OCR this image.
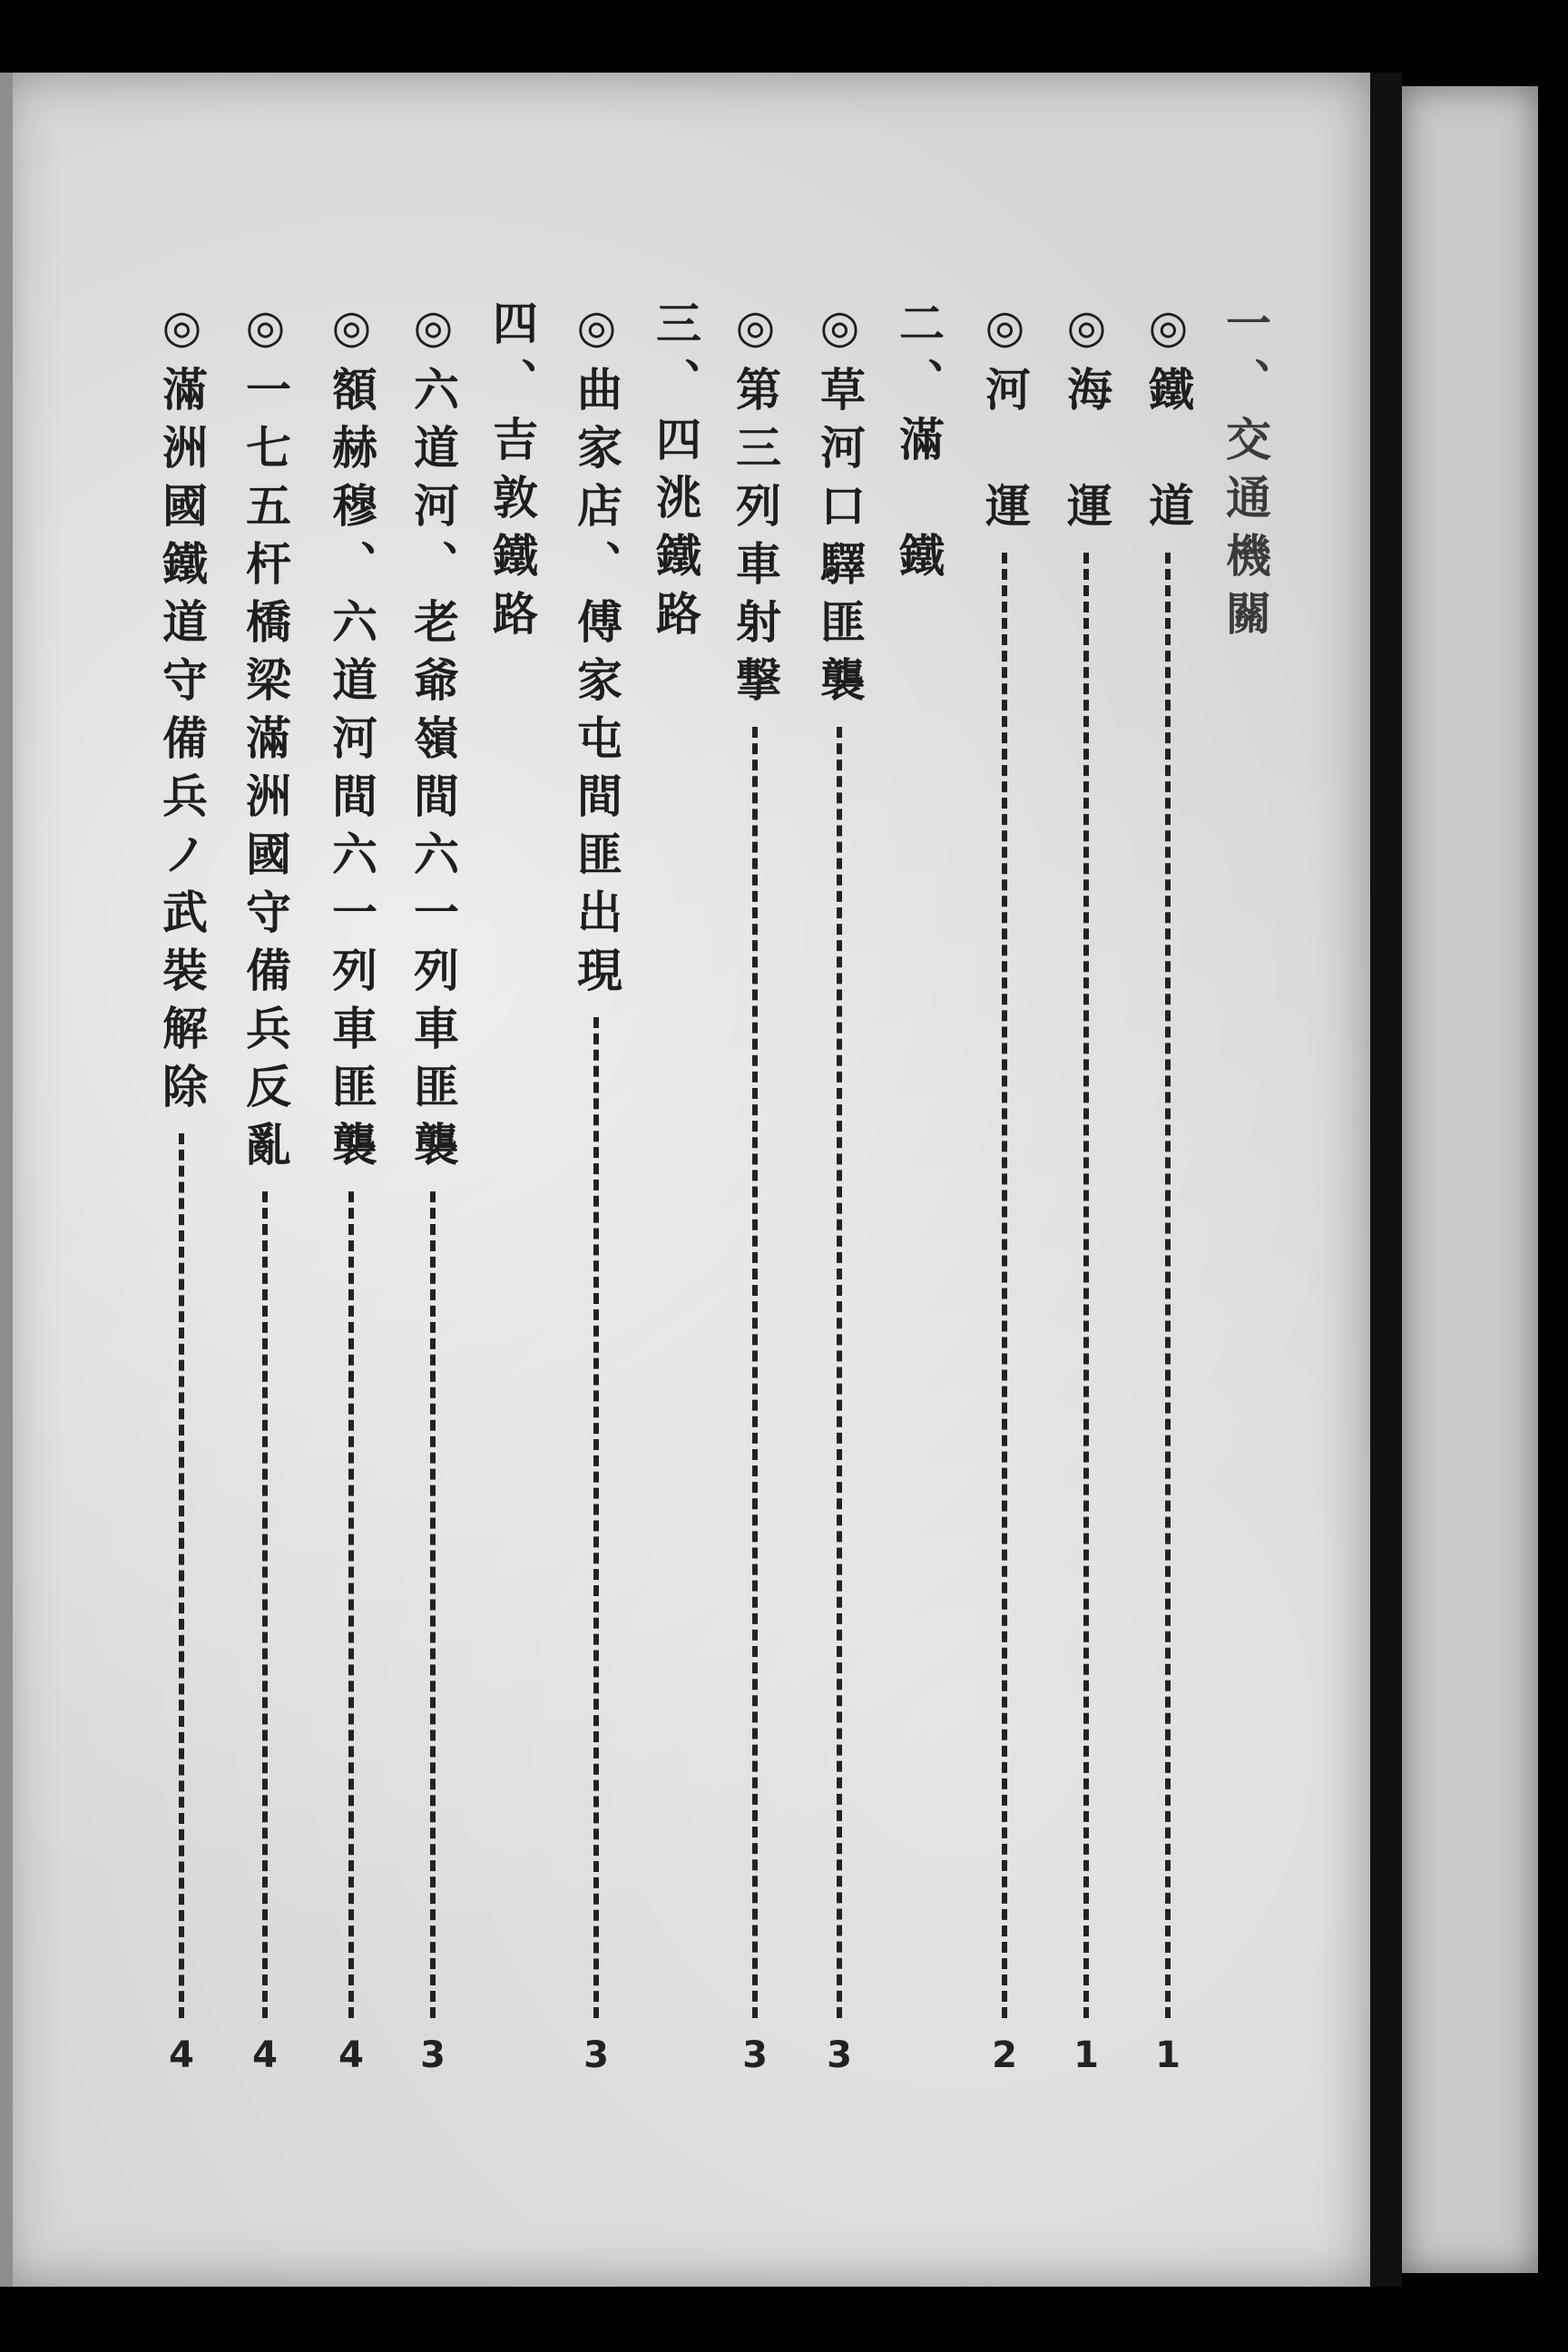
一、交通機關
◎鐵　道
1
◎海　運
1
◎河　運
2
二、滿　鐵
◎草河口驛匪襲
3
◎第三列車射撃
3
三、四洮鐵路
◎曲家店、傅家屯間匪出現
3
四、吉敦鐵路
◎六道河、老爺嶺間六一列車匪襲
3
◎額赫穆、六道河間六一列車匪襲
4
◎一七五杆橋梁滿洲國守備兵反亂
4
◎滿洲國鐵道守備兵ノ武裝解除
4
